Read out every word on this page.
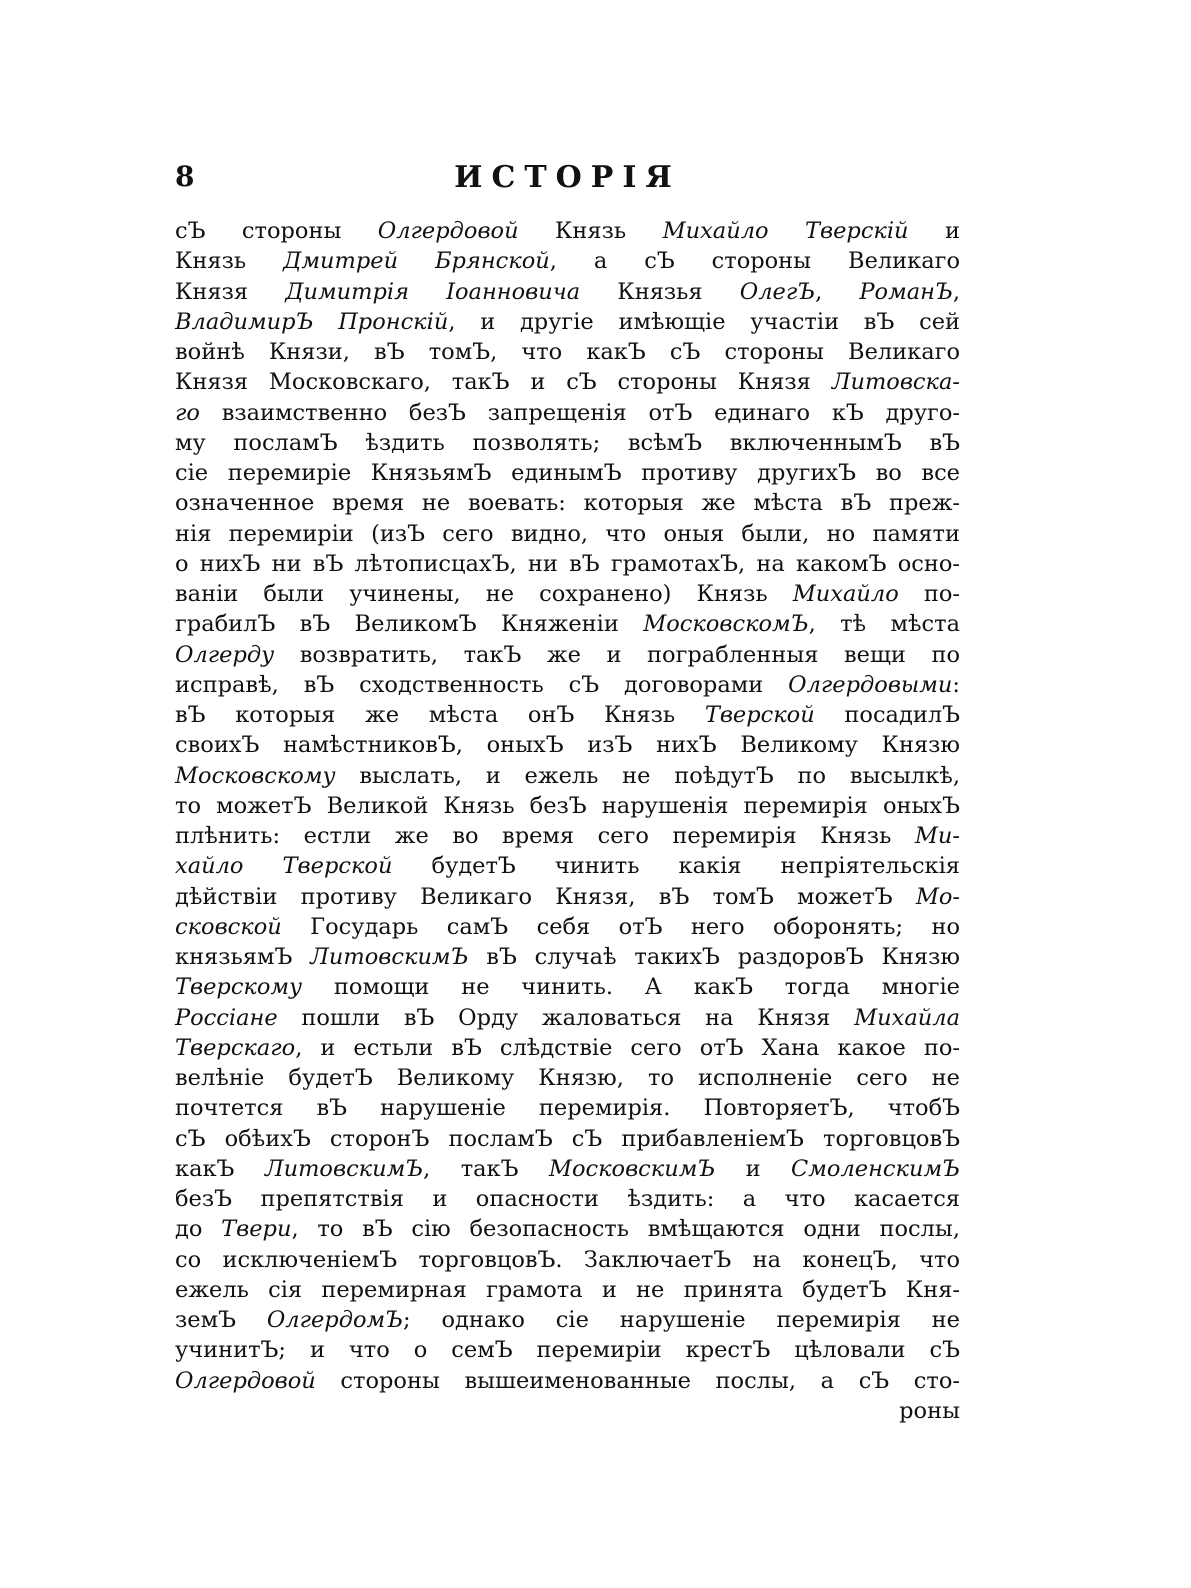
8	ИСТОРІЯ
сЪ стороны Олгердовой Князь Михайло Тверскій и
Князь Дмитрей Брянской, а сЪ стороны Великаго
Князя Димитрія Іоанновича Князья ОлегЪ, РоманЪ,
ВладимирЪ Пронскій, и другіе имѣющіе участіи вЪ сей
войнѣ Князи, вЪ томЪ, что какЪ сЪ стороны Великаго
Князя Московскаго, такЪ и сЪ стороны Князя Литовска-
го взаимственно безЪ запрещенія отЪ единаго кЪ друго-
му посламЪ ѣздить позволять; всѣмЪ включеннымЪ вЪ
сіе перемиріе КнязьямЪ единымЪ противу другихЪ во все
означенное время не воевать: которыя же мѣста вЪ преж-
нія перемиріи (изЪ сего видно, что оныя были, но памяти
о нихЪ ни вЪ лѣтописцахЪ, ни вЪ грамотахЪ, на какомЪ осно-
ваніи были учинены, не сохранено) Князь Михайло по-
грабилЪ вЪ ВеликомЪ Княженіи МосковскомЪ, тѣ мѣста
Олгерду возвратить, такЪ же и пограбленныя вещи по
исправѣ, вЪ сходственность сЪ договорами Олгердовыми:
вЪ которыя же мѣста онЪ Князь Тверской посадилЪ
своихЪ намѣстниковЪ, оныхЪ изЪ нихЪ Великому Князю
Московскому выслать, и ежель не поѣдутЪ по высылкѣ,
то можетЪ Великой Князь безЪ нарушенія перемирія оныхЪ
плѣнить: естли же во время сего перемирія Князь Ми-
хайло Тверской будетЪ чинить какія непріятельскія
дѣйствіи противу Великаго Князя, вЪ томЪ можетЪ Мо-
сковской Государь самЪ себя отЪ него оборонять; но
князьямЪ ЛитовскимЪ вЪ случаѣ такихЪ раздоровЪ Князю
Тверскому помощи не чинить. А какЪ тогда многіе
Россіане пошли вЪ Орду жаловаться на Князя Михайла
Тверскаго, и естьли вЪ слѣдствіе сего отЪ Хана какое по-
велѣніе будетЪ Великому Князю, то исполненіе сего не
почтется вЪ нарушеніе перемирія. ПовторяетЪ, чтобЪ
сЪ обѣихЪ сторонЪ посламЪ сЪ прибавленіемЪ торговцовЪ
какЪ ЛитовскимЪ, такЪ МосковскимЪ и СмоленскимЪ
безЪ препятствія и опасности ѣздить: а что касается
до Твери, то вЪ сію безопасность вмѣщаются одни послы,
со исключеніемЪ торговцовЪ. ЗаключаетЪ на конецЪ, что
ежель сія перемирная грамота и не принята будетЪ Кня-
земЪ ОлгердомЪ; однако сіе нарушеніе перемирія не
учинитЪ; и что о семЪ перемиріи крестЪ цѣловали сЪ
Олгердовой стороны вышеименованные послы, а сЪ сто-
роны
